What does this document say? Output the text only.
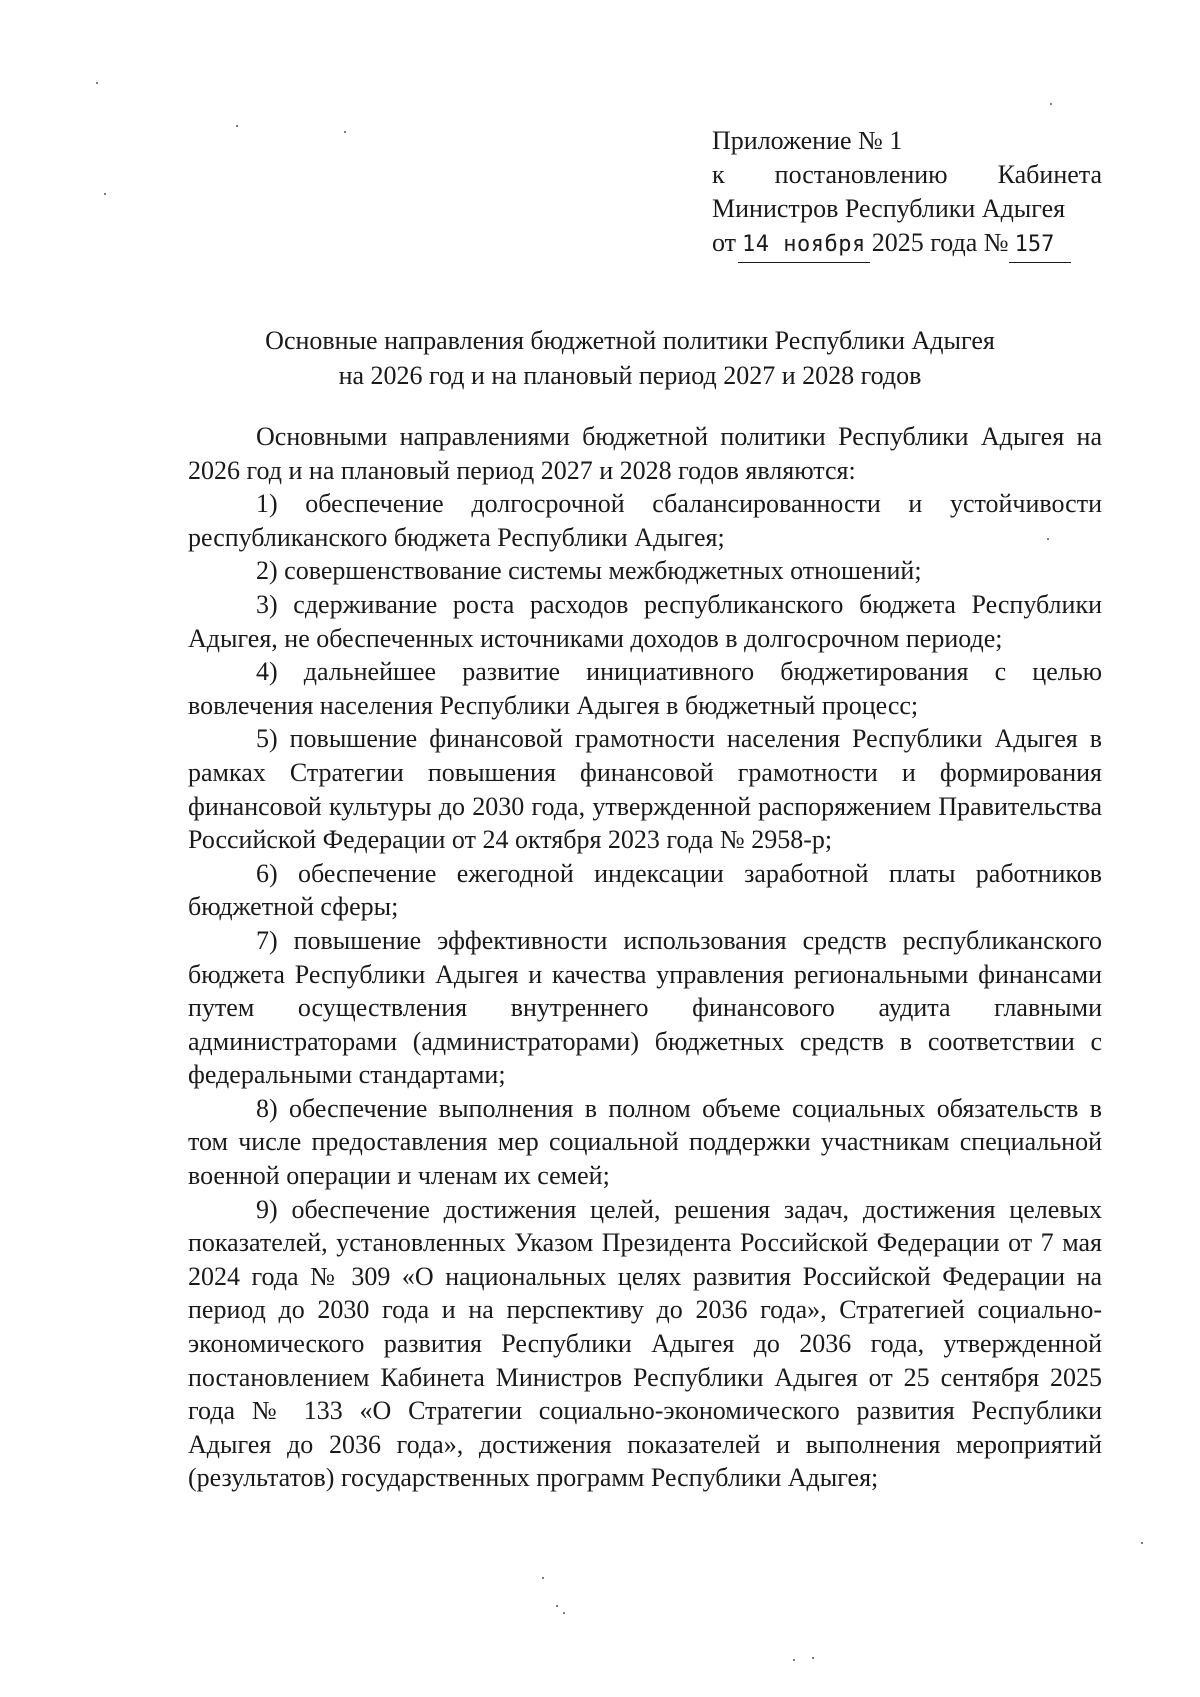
Приложение № 1
к постановлению Кабинета
Министров Республики Адыгея
от 14 ноября 2025 года № 157
Основные направления бюджетной политики Республики Адыгея
на 2026 год и на плановый период 2027 и 2028 годов

Основными направлениями бюджетной политики Республики Адыгея на 2026 год и на плановый период 2027 и 2028 годов являются:

1) обеспечение долгосрочной сбалансированности и устойчивости республиканского бюджета Республики Адыгея;

2) совершенствование системы межбюджетных отношений;

3) сдерживание роста расходов республиканского бюджета Республики Адыгея, не обеспеченных источниками доходов в долгосрочном периоде;

4) дальнейшее развитие инициативного бюджетирования с целью вовлечения населения Республики Адыгея в бюджетный процесс;

5) повышение финансовой грамотности населения Республики Адыгея в рамках Стратегии повышения финансовой грамотности и формирования финансовой культуры до 2030 года, утвержденной распоряжением Правительства Российской Федерации от 24 октября 2023 года № 2958-р;

6) обеспечение ежегодной индексации заработной платы работников бюджетной сферы;

7) повышение эффективности использования средств республиканского бюджета Республики Адыгея и качества управления региональными финансами путем осуществления внутреннего финансового аудита главными администраторами (администраторами) бюджетных средств в соответствии с федеральными стандартами;

8) обеспечение выполнения в полном объеме социальных обязательств в том числе предоставления мер социальной поддержки участникам специальной военной операции и членам их семей;

9) обеспечение достижения целей, решения задач, достижения целевых показателей, установленных Указом Президента Российской Федерации от 7 мая 2024 года № 309 «О национальных целях развития Российской Федерации на период до 2030 года и на перспективу до 2036 года», Стратегией социально-экономического развития Республики Адыгея до 2036 года, утвержденной постановлением Кабинета Министров Республики Адыгея от 25 сентября 2025 года № 133 «О Стратегии социально-экономического развития Республики Адыгея до 2036 года», достижения показателей и выполнения мероприятий (результатов) государственных программ Республики Адыгея;
